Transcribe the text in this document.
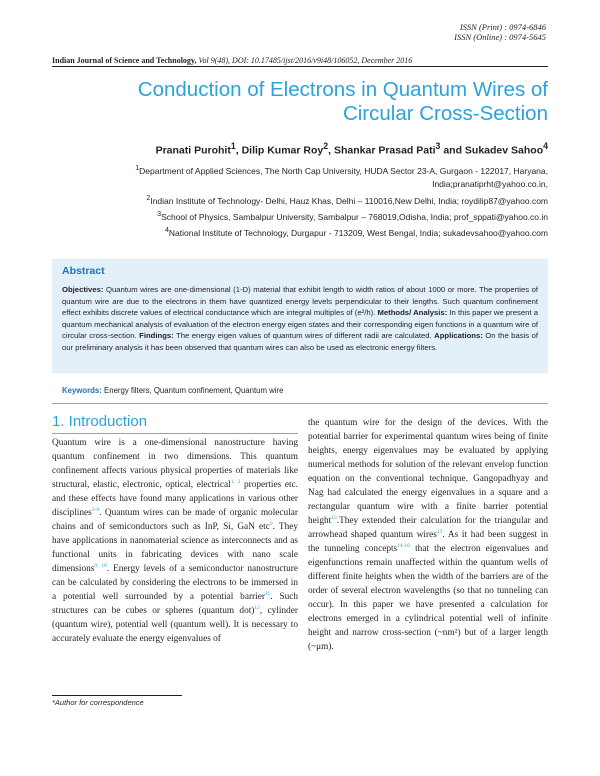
ISSN (Print) : 0974-6846
ISSN (Online) : 0974-5645
Indian Journal of Science and Technology, Vol 9(48), DOI: 10.17485/ijst/2016/v9i48/106052, December 2016
Conduction of Electrons in Quantum Wires of
Circular Cross-Section
Pranati Purohit$^1$, Dilip Kumar Roy$^2$, Shankar Prasad Pati$^3$ and Sukadev Sahoo$^4$
$^1$Department of Applied Sciences, The North Cap University, HUDA Sector 23-A, Gurgaon - 122017, Haryana,
India;pranatiprht@yahoo.co.in,
$^2$Indian Institute of Technology- Delhi, Hauz Khas, Delhi – 110016,New Delhi, India; roydilip87@yahoo.com
$^3$School of Physics, Sambalpur University, Sambalpur – 768019,Odisha, India; prof_sppati@yahoo.co.in
$^4$National Institute of Technology, Durgapur - 713209, West Bengal, India; sukadevsahoo@yahoo.com
Abstract
Objectives: Quantum wires are one-dimensional (1-D) material that exhibit length to width ratios of about 1000 or more. The properties of quantum wire are due to the electrons in them have quantized energy levels perpendicular to their lengths. Such quantum confinement effect exhibits discrete values of electrical conductance which are integral multiples of (e²/h). Methods/ Analysis: In this paper we present a quantum mechanical analysis of evaluation of the electron energy eigen states and their corresponding eigen functions in a quantum wire of circular cross-section. Findings: The energy eigen values of quantum wires of different radii are calculated. Applications: On the basis of our preliminary analysis it has been observed that quantum wires can also be used as electronic energy filters.
Keywords: Energy filters, Quantum confinement, Quantum wire
1. Introduction
Quantum wire is a one-dimensional nanostructure having quantum confinement in two dimensions. This quantum confinement affects various physical properties of materials like structural, elastic, electronic, optical, electrical$^{1, 2}$ properties etc. and these effects have found many applications in various other disciplines$^{3-8}$. Quantum wires can be made of organic molecular chains and of semiconductors such as InP, Si, GaN etc$^9$. They have applications in nanomaterial science as interconnects and as functional units in fabricating devices with nano scale dimensions$^{9, 10}$. Energy levels of a semiconductor nanostructure can be calculated by considering the electrons to be immersed in a potential well surrounded by a potential barrier$^{11}$. Such structures can be cubes or spheres (quantum dot)$^{12}$, cylinder (quantum wire), potential well (quantum well). It is necessary to accurately evaluate the energy eigenvalues of
the quantum wire for the design of the devices. With the potential barrier for experimental quantum wires being of finite heights, energy eigenvalues may be evaluated by applying numerical methods for solution of the relevant envelop function equation on the conventional technique. Gangopadhyay and Nag had calculated the energy eigenvalues in a square and a rectangular quantum wire with a finite barrier potential height$^{13}$.They extended their calculation for the triangular and arrowhead shaped quantum wires$^{13}$. As it had been suggest in the tunneling concepts$^{14-16}$ that the electron eigenvalues and eigenfunctions remain unaffected within the quantum wells of different finite heights when the width of the barriers are of the order of several electron wavelengths (so that no tunneling can occur). In this paper we have presented a calculation for electrons emerged in a cylindrical potential well of infinite height and narrow cross-section (~nm²) but of a larger length (~μm).
*Author for correspondence
